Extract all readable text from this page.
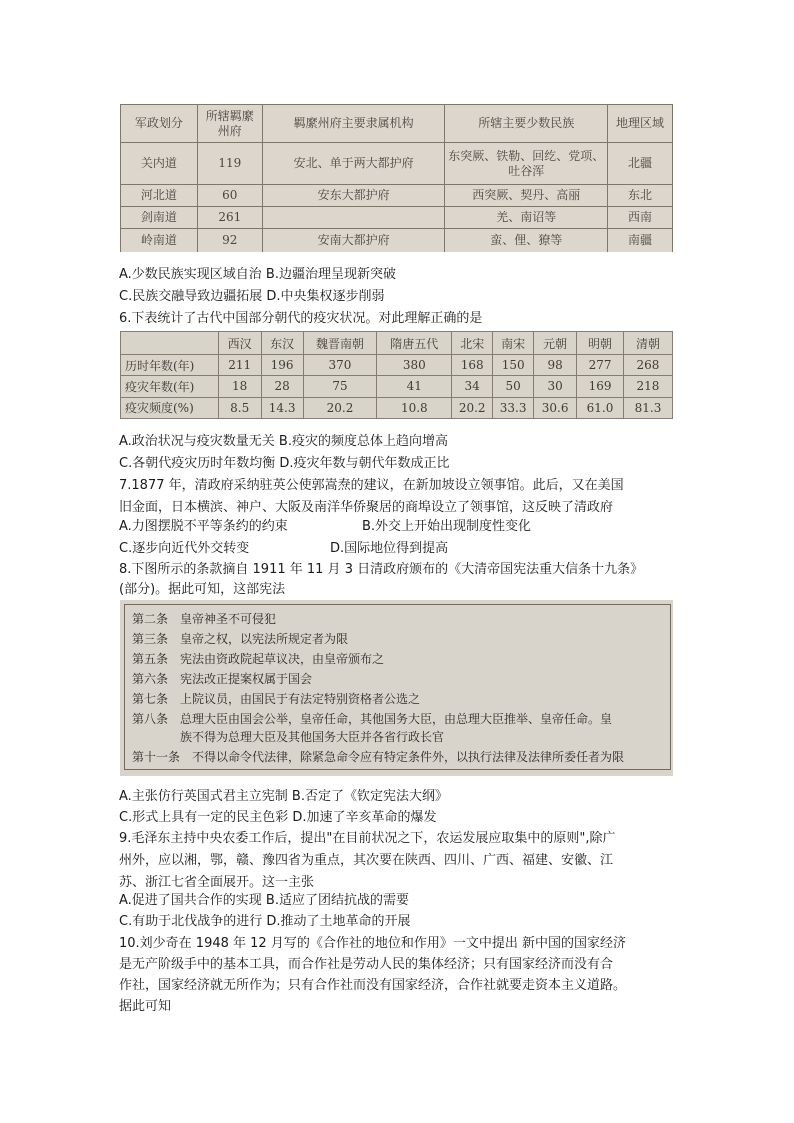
军政划分	所辖羁縻州府	羁縻州府主要隶属机构	所辖主要少数民族	地理区域
关内道	119	安北、单于两大都护府	东突厥、铁勒、回纥、党项、吐谷浑	北疆
河北道	60	安东大都护府	西突厥、契丹、高丽	东北
剑南道	261		羌、南诏等	西南
岭南道	92	安南大都护府	蛮、俚、獠等	南疆
A.少数民族实现区域自治 B.边疆治理呈现新突破
C.民族交融导致边疆拓展 D.中央集权逐步削弱
6.下表统计了古代中国部分朝代的疫灾状况。对此理解正确的是
	西汉	东汉	魏晋南朝	隋唐五代	北宋	南宋	元朝	明朝	清朝
历时年数(年)	211	196	370	380	168	150	98	277	268
疫灾年数(年)	18	28	75	41	34	50	30	169	218
疫灾频度(%)	8.5	14.3	20.2	10.8	20.2	33.3	30.6	61.0	81.3
A.政治状况与疫灾数量无关 B.疫灾的频度总体上趋向增高
C.各朝代疫灾历时年数均衡 D.疫灾年数与朝代年数成正比
7.1877 年，清政府采纳驻英公使郭嵩焘的建议，在新加坡设立领事馆。此后，又在美国
旧金面，日本横滨、神户、大阪及南洋华侨聚居的商埠设立了领事馆，这反映了清政府
A.力图摆脱不平等条约的约束	B.外交上开始出现制度性变化
C.逐步向近代外交转变	D.国际地位得到提高
8.下图所示的条款摘自 1911 年 11 月 3 日清政府颁布的《大清帝国宪法重大信条十九条》
(部分)。据此可知，这部宪法
第二条　皇帝神圣不可侵犯
第三条　皇帝之权，以宪法所规定者为限
第五条　宪法由资政院起草议决，由皇帝颁布之
第六条　宪法改正提案权属于国会
第七条　上院议员，由国民于有法定特别资格者公选之
第八条　总理大臣由国会公举，皇帝任命，其他国务大臣，由总理大臣推举、皇帝任命。皇
族不得为总理大臣及其他国务大臣并各省行政长官
第十一条　不得以命令代法律，除紧急命令应有特定条件外，以执行法律及法律所委任者为限
A.主张仿行英国式君主立宪制 B.否定了《钦定宪法大纲》
C.形式上具有一定的民主色彩 D.加速了辛亥革命的爆发
9.毛泽东主持中央农委工作后，提出"在目前状况之下，农运发展应取集中的原则",除广
州外，应以湘，鄂，赣、豫四省为重点，其次要在陕西、四川、广西、福建、安徽、江
苏、浙江七省全面展开。这一主张
A.促进了国共合作的实现 B.适应了团结抗战的需要
C.有助于北伐战争的进行 D.推动了土地革命的开展
10.刘少奇在 1948 年 12 月写的《合作社的地位和作用》一文中提出 新中国的国家经济
是无产阶级手中的基本工具，而合作社是劳动人民的集体经济；只有国家经济而没有合
作社，国家经济就无所作为；只有合作社而没有国家经济，合作社就要走资本主义道路。
据此可知
